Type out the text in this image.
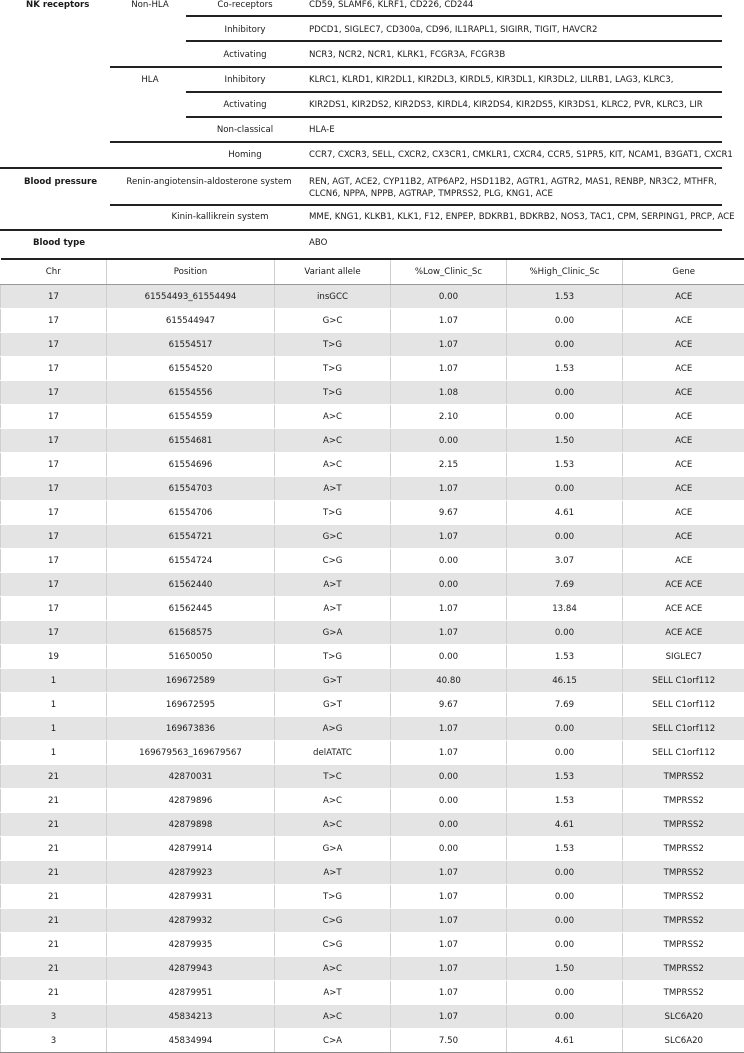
NK receptors	Non-HLA	Co-receptors	CD59, SLAMF6, KLRF1, CD226, CD244
Inhibitory	PDCD1, SIGLEC7, CD300a, CD96, IL1RAPL1, SIGIRR, TIGIT, HAVCR2
Activating	NCR3, NCR2, NCR1, KLRK1, FCGR3A, FCGR3B
HLA	Inhibitory	KLRC1, KLRD1, KIR2DL1, KIR2DL3, KIRDL5, KIR3DL1, KIR3DL2, LILRB1, LAG3, KLRC3,
Activating	KIR2DS1, KIR2DS2, KIR2DS3, KIRDL4, KIR2DS4, KIR2DS5, KIR3DS1, KLRC2, PVR, KLRC3, LIR
Non-classical	HLA-E
Homing	CCR7, CXCR3, SELL, CXCR2, CX3CR1, CMKLR1, CXCR4, CCR5, S1PR5, KIT, NCAM1, B3GAT1, CXCR1
Blood pressure	Renin-angiotensin-aldosterone system	REN, AGT, ACE2, CYP11B2, ATP6AP2, HSD11B2, AGTR1, AGTR2, MAS1, RENBP, NR3C2, MTHFR,
CLCN6, NPPA, NPPB, AGTRAP, TMPRSS2, PLG, KNG1, ACE
Kinin-kallikrein system	MME, KNG1, KLKB1, KLK1, F12, ENPEP, BDKRB1, BDKRB2, NOS3, TAC1, CPM, SERPING1, PRCP, ACE
Blood type	ABO
Chr	Position	Variant allele	%Low_Clinic_Sc	%High_Clinic_Sc	Gene
17	61554493_61554494	insGCC	0.00	1.53	ACE
17	615544947	G>C	1.07	0.00	ACE
17	61554517	T>G	1.07	0.00	ACE
17	61554520	T>G	1.07	1.53	ACE
17	61554556	T>G	1.08	0.00	ACE
17	61554559	A>C	2.10	0.00	ACE
17	61554681	A>C	0.00	1.50	ACE
17	61554696	A>C	2.15	1.53	ACE
17	61554703	A>T	1.07	0.00	ACE
17	61554706	T>G	9.67	4.61	ACE
17	61554721	G>C	1.07	0.00	ACE
17	61554724	C>G	0.00	3.07	ACE
17	61562440	A>T	0.00	7.69	ACE ACE
17	61562445	A>T	1.07	13.84	ACE ACE
17	61568575	G>A	1.07	0.00	ACE ACE
19	51650050	T>G	0.00	1.53	SIGLEC7
1	169672589	G>T	40.80	46.15	SELL C1orf112
1	169672595	G>T	9.67	7.69	SELL C1orf112
1	169673836	A>G	1.07	0.00	SELL C1orf112
1	169679563_169679567	delATATC	1.07	0.00	SELL C1orf112
21	42870031	T>C	0.00	1.53	TMPRSS2
21	42879896	A>C	0.00	1.53	TMPRSS2
21	42879898	A>C	0.00	4.61	TMPRSS2
21	42879914	G>A	0.00	1.53	TMPRSS2
21	42879923	A>T	1.07	0.00	TMPRSS2
21	42879931	T>G	1.07	0.00	TMPRSS2
21	42879932	C>G	1.07	0.00	TMPRSS2
21	42879935	C>G	1.07	0.00	TMPRSS2
21	42879943	A>C	1.07	1.50	TMPRSS2
21	42879951	A>T	1.07	0.00	TMPRSS2
3	45834213	A>C	1.07	0.00	SLC6A20
3	45834994	C>A	7.50	4.61	SLC6A20
